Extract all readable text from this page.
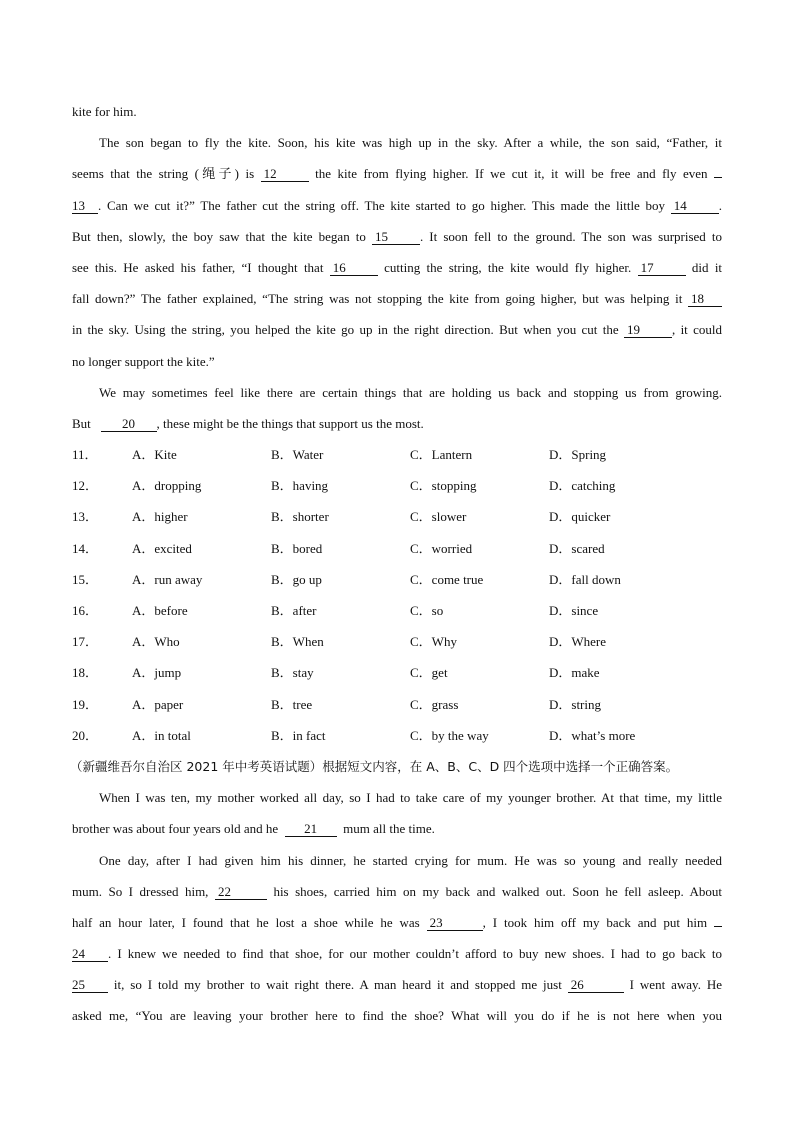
kite for him.
The son began to fly the kite. Soon, his kite was high up in the sky. After a while, the son said, “Father, it
seems that the string (绳子) is 12	the kite from flying higher. If we cut it, it will be free and fly even
13 . Can we cut it?” The father cut the string off. The kite started to go higher. This made the little boy 14 .
But then, slowly, the boy saw that the kite began to 15 . It soon fell to the ground. The son was surprised to
see this. He asked his father, “I thought that 16	cutting the string, the kite would fly higher. 17	did it
fall down?” The father explained, “The string was not stopping the kite from going higher, but was helping it 18
in the sky. Using the string, you helped the kite go up in the right direction. But when you cut the 19 , it could
no longer support the kite.”
We may sometimes feel like there are certain things that are holding us back and stopping us from growing.
But 20 , these might be the things that support us the most.
11．	A．Kite	B．Water	C．Lantern	D．Spring
12．	A．dropping	B．having	C．stopping	D．catching
13．	A．higher	B．shorter	C．slower	D．quicker
14．	A．excited	B．bored	C．worried	D．scared
15．	A．run away	B．go up	C．come true	D．fall down
16．	A．before	B．after	C．so	D．since
17．	A．Who	B．When	C．Why	D．Where
18．	A．jump	B．stay	C．get	D．make
19．	A．paper	B．tree	C．grass	D．string
20．	A．in total	B．in fact	C．by the way	D．what’s more
（新疆维吾尔自治区 2021 年中考英语试题）根据短文内容，在 A、B、C、D 四个选项中选择一个正确答案。
When I was ten, my mother worked all day, so I had to take care of my younger brother. At that time, my little
brother was about four years old and he 21 mum all the time.
One day, after I had given him his dinner, he started crying for mum. He was so young and really needed
mum. So I dressed him, 22	his shoes, carried him on my back and walked out. Soon he fell asleep. About
half an hour later, I found that he lost a shoe while he was 23	, I took him off my back and put him
24 . I knew we needed to find that shoe, for our mother couldn’t afford to buy new shoes. I had to go back to
25 it, so I told my brother to wait right there. A man heard it and stopped me just 26	I went away. He
asked me, “You are leaving your brother here to find the shoe? What will you do if he is not here when you
